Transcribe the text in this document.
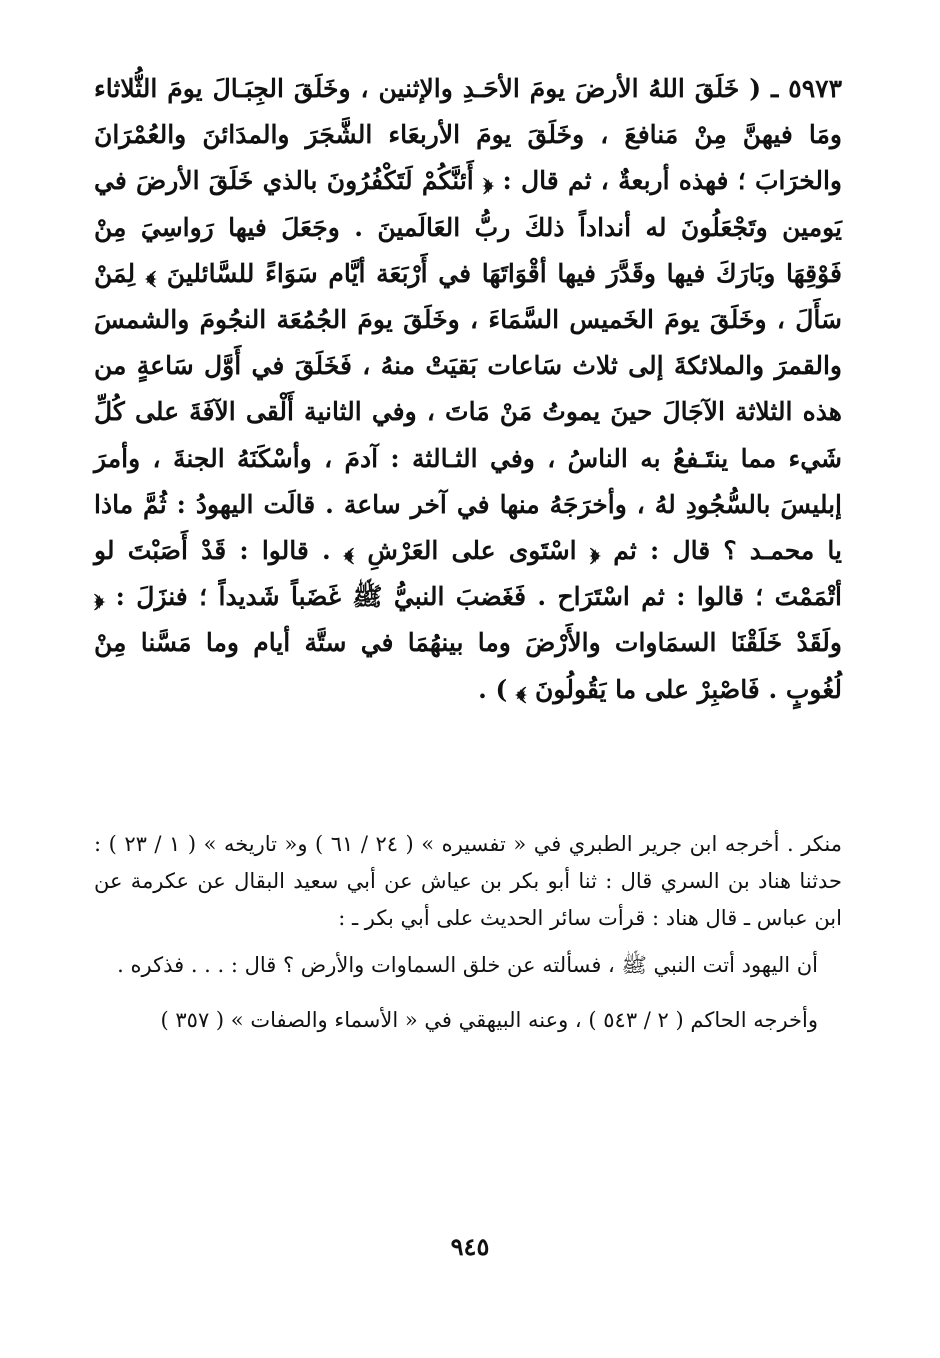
٥٩٧٣ ـ ( خَلَقَ اللهُ الأرضَ يومَ الأحَـدِ والإثنين ، وخَلَقَ الجِبَـالَ يومَ الثُّلاثاء ومَا فيهنَّ مِنْ مَنافعَ ، وخَلَقَ يومَ الأربعَاء الشَّجَرَ والمدَائنَ والعُمْرَانَ والخرَابَ ؛ فهذه أربعةٌ ، ثم قال : ﴿ أَئنَّكُمْ لَتَكْفُرُونَ بالذي خَلَقَ الأرضَ في يَومين وتَجْعَلُونَ له أنداداً ذلكَ ربُّ العَالَمينَ . وجَعَلَ فيها رَواسِيَ مِنْ فَوْقِهَا وبَارَكَ فيها وقَدَّرَ فيها أقْوَاتَهَا في أَرْبَعَة أيَّام سَوَاءً للسَّائلينَ ﴾ لِمَنْ سَأَلَ ، وخَلَقَ يومَ الخَميس السَّمَاءَ ، وخَلَقَ يومَ الجُمُعَة النجُومَ والشمسَ والقمرَ والملائكةَ إلى ثلاث سَاعات بَقيَتْ منهُ ، فَخَلَقَ في أَوَّل سَاعةٍ من هذه الثلاثة الآجَالَ حينَ يموتُ مَنْ مَاتَ ، وفي الثانية أَلْقى الآفَةَ على كُلِّ شَيء مما ينتَـفعُ به الناسُ ، وفي الثـالثة : آدمَ ، وأسْكَنَهُ الجنةَ ، وأمرَ إبليسَ بالسُّجُودِ لهُ ، وأخرَجَهُ منها في آخر ساعة . قالَت اليهودُ : ثُمَّ ماذا يا محمـد ؟ قال : ثم ﴿ اسْتَوى على العَرْشِ ﴾ . قالوا : قَدْ أَصَبْتَ لو أتْمَمْتَ ؛ قالوا : ثم اسْتَرَاح . فَغَضبَ النبيُّ ﷺ غَضَباً شَديداً ؛ فنزَلَ : ﴿ ولَقَدْ خَلَقْنَا السمَاوات والأَرْضَ وما بينهُمَا في ستَّة أيام وما مَسَّنا مِنْ لُغُوبٍ . فَاصْبِرْ على ما يَقُولُونَ ﴾ ) .

منكر . أخرجه ابن جرير الطبري في « تفسيره » ( ٢٤ / ٦١ ) و« تاريخه » ( ١ / ٢٣ ) : حدثنا هناد بن السري قال : ثنا أبو بكر بن عياش عن أبي سعيد البقال عن عكرمة عن ابن عباس ـ قال هناد : قرأت سائر الحديث على أبي بكر ـ :

أن اليهود أتت النبي ﷺ ، فسألته عن خلق السماوات والأرض ؟ قال : . . . فذكره .

وأخرجه الحاكم ( ٢ / ٥٤٣ ) ، وعنه البيهقي في « الأسماء والصفات » ( ٣٥٧ )

٩٤٥
